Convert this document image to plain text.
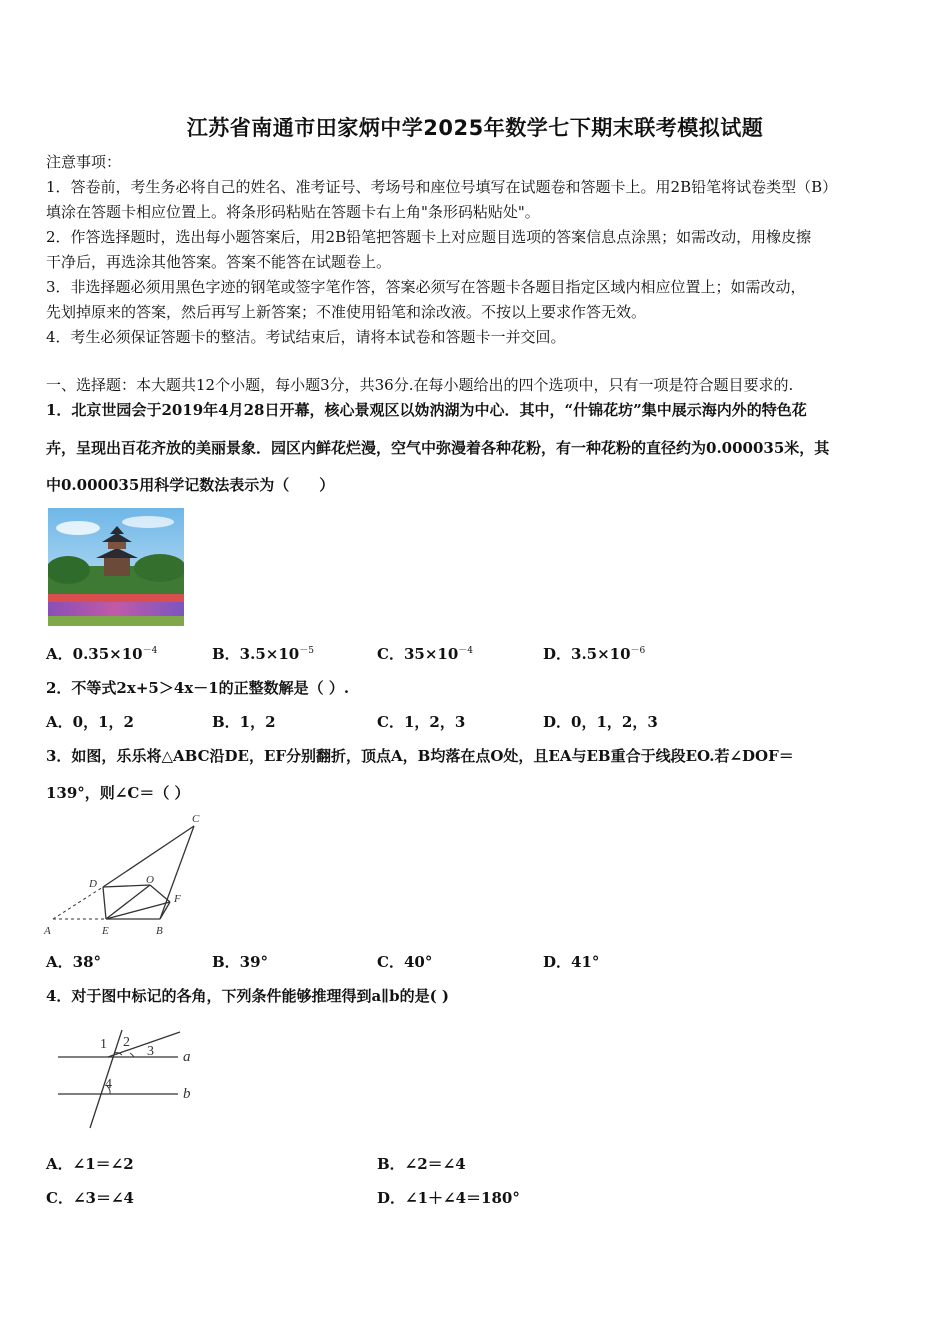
江苏省南通市田家炳中学2025年数学七下期末联考模拟试题
注意事项：
1．答卷前，考生务必将自己的姓名、准考证号、考场号和座位号填写在试题卷和答题卡上。用2B铅笔将试卷类型（B）
填涂在答题卡相应位置上。将条形码粘贴在答题卡右上角"条形码粘贴处"。
2．作答选择题时，选出每小题答案后，用2B铅笔把答题卡上对应题目选项的答案信息点涂黑；如需改动，用橡皮擦
干净后，再选涂其他答案。答案不能答在试题卷上。
3．非选择题必须用黑色字迹的钢笔或签字笔作答，答案必须写在答题卡各题目指定区域内相应位置上；如需改动，
先划掉原来的答案，然后再写上新答案；不准使用铅笔和涂改液。不按以上要求作答无效。
4．考生必须保证答题卡的整洁。考试结束后，请将本试卷和答题卡一并交回。
一、选择题：本大题共12个小题，每小题3分，共36分.在每小题给出的四个选项中，只有一项是符合题目要求的.
1．北京世园会于2019年4月28日开幕，核心景观区以妫汭湖为中心．其中，“什锦花坊”集中展示海内外的特色花
卉，呈现出百花齐放的美丽景象．园区内鲜花烂漫，空气中弥漫着各种花粉，有一种花粉的直径约为0.000035米，其
中0.000035用科学记数法表示为（　　）
A．$0.35\times 10^{-4}$	B．$3.5\times 10^{-5}$	C．$35\times 10^{-4}$	D．$3.5\times 10^{-6}$
2．不等式2x+5＞4x－1的正整数解是（ ）.
A．0，1，2	B．1，2	C．1，2，3	D．0，1，2，3
3．如图，乐乐将△ABC沿DE，EF分别翻折，顶点A，B均落在点O处，且EA与EB重合于线段EO.若∠DOF＝
139°，则∠C＝（ ）
A	E	B
C
D	O
F
A．38°	B．39°	C．40°	D．41°
4．对于图中标记的各角，下列条件能够推理得到a∥b的是( )
1 2
3
4
a
b
A．∠1＝∠2	B．∠2＝∠4
C．∠3＝∠4	D．∠1＋∠4＝180°
